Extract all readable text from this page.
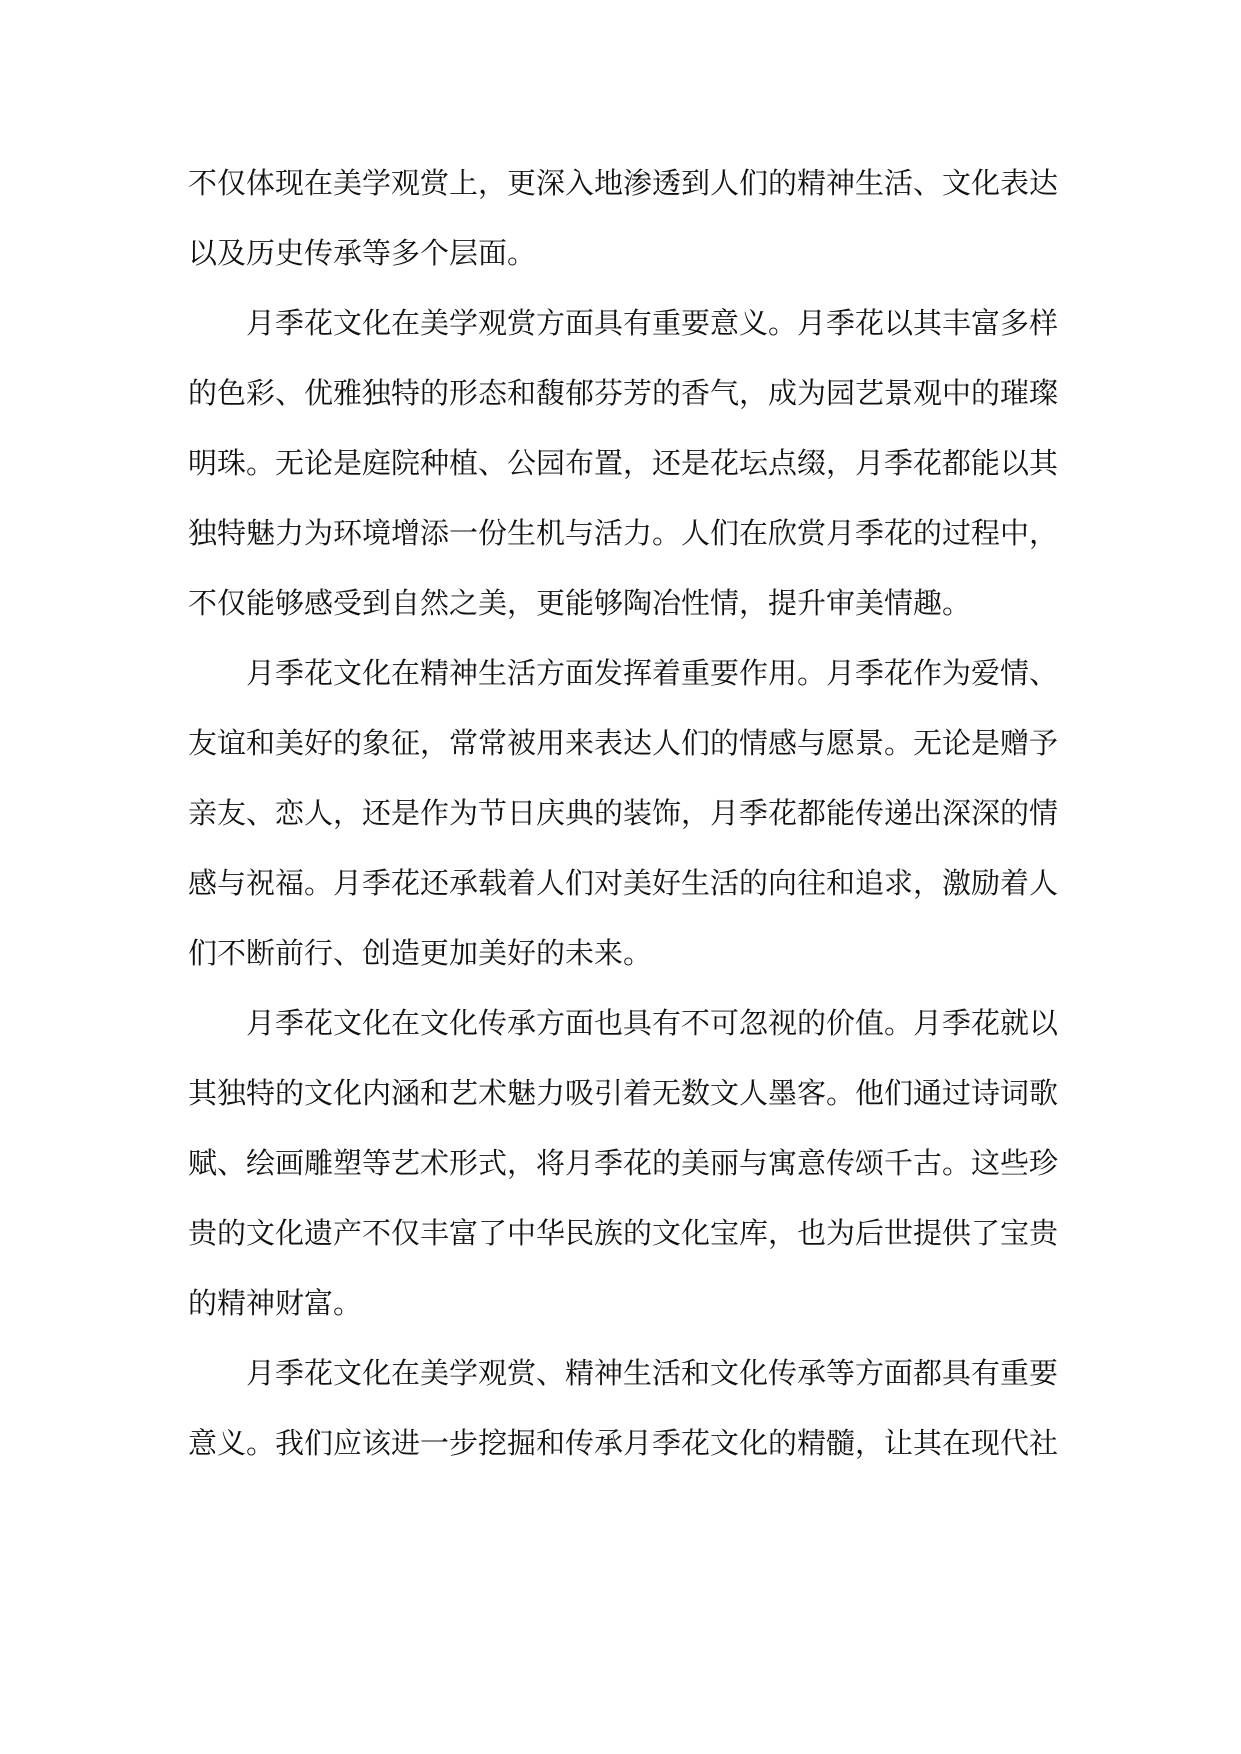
不仅体现在美学观赏上，更深入地渗透到人们的精神生活、文化表达
以及历史传承等多个层面。
月季花文化在美学观赏方面具有重要意义。月季花以其丰富多样
的色彩、优雅独特的形态和馥郁芬芳的香气，成为园艺景观中的璀璨
明珠。无论是庭院种植、公园布置，还是花坛点缀，月季花都能以其
独特魅力为环境增添一份生机与活力。人们在欣赏月季花的过程中，
不仅能够感受到自然之美，更能够陶冶性情，提升审美情趣。
月季花文化在精神生活方面发挥着重要作用。月季花作为爱情、
友谊和美好的象征，常常被用来表达人们的情感与愿景。无论是赠予
亲友、恋人，还是作为节日庆典的装饰，月季花都能传递出深深的情
感与祝福。月季花还承载着人们对美好生活的向往和追求，激励着人
们不断前行、创造更加美好的未来。
月季花文化在文化传承方面也具有不可忽视的价值。月季花就以
其独特的文化内涵和艺术魅力吸引着无数文人墨客。他们通过诗词歌
赋、绘画雕塑等艺术形式，将月季花的美丽与寓意传颂千古。这些珍
贵的文化遗产不仅丰富了中华民族的文化宝库，也为后世提供了宝贵
的精神财富。
月季花文化在美学观赏、精神生活和文化传承等方面都具有重要
意义。我们应该进一步挖掘和传承月季花文化的精髓，让其在现代社
